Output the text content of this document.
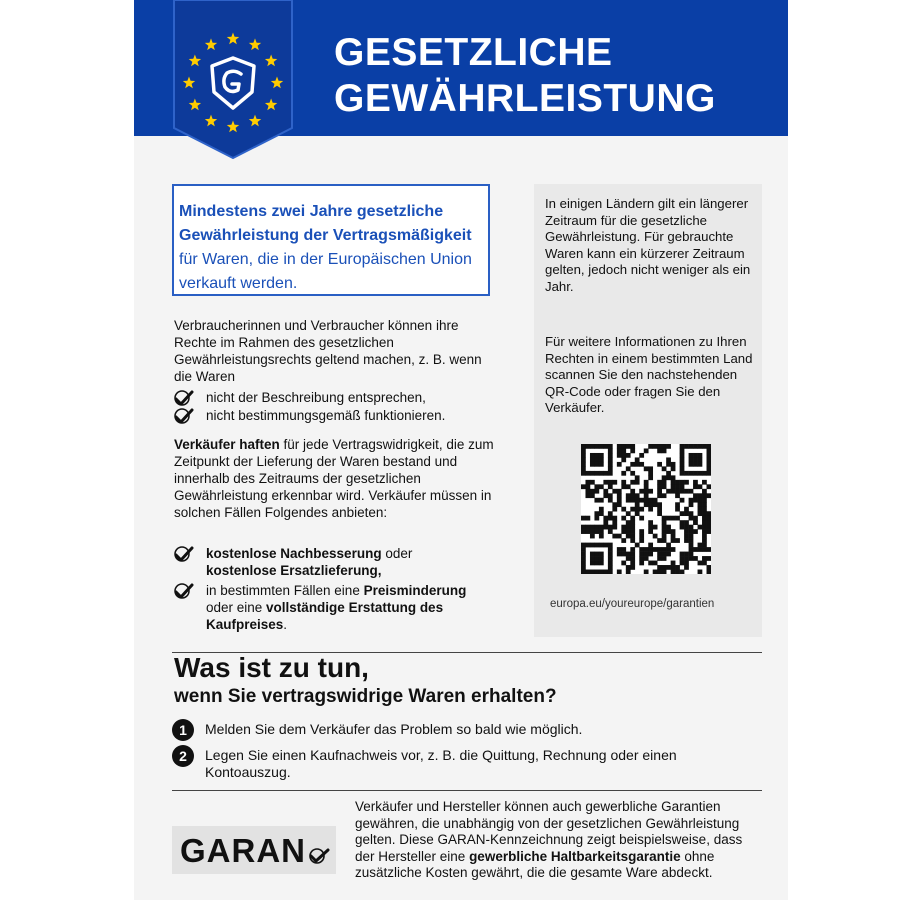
GESETZLICHE
GEWÄHRLEISTUNG

Mindestens zwei Jahre gesetzliche Gewährleistung der Vertragsmäßigkeit für Waren, die in der Europäischen Union verkauft werden.

Verbraucherinnen und Verbraucher können ihre Rechte im Rahmen des gesetzlichen Gewährleistungsrechts geltend machen, z. B. wenn die Waren

nicht der Beschreibung entsprechen,
nicht bestimmungsgemäß funktionieren.

Verkäufer haften für jede Vertragswidrigkeit, die zum Zeitpunkt der Lieferung der Waren bestand und innerhalb des Zeitraums der gesetzlichen Gewährleistung erkennbar wird. Verkäufer müssen in solchen Fällen Folgendes anbieten:

kostenlose Nachbesserung oder
kostenlose Ersatzlieferung,
in bestimmten Fällen eine Preisminderung
oder eine vollständige Erstattung des
Kaufpreises.
In einigen Ländern gilt ein längerer Zeitraum für die gesetzliche Gewährleistung. Für gebrauchte Waren kann ein kürzerer Zeitraum gelten, jedoch nicht weniger als ein Jahr.
Für weitere Informationen zu Ihren Rechten in einem bestimmten Land scannen Sie den nachstehenden QR-Code oder fragen Sie den Verkäufer.
europa.eu/youreurope/garantien
Was ist zu tun,
wenn Sie vertragswidrige Waren erhalten?
1	Melden Sie dem Verkäufer das Problem so bald wie möglich.
2	Legen Sie einen Kaufnachweis vor, z. B. die Quittung, Rechnung oder einen Kontoauszug.
GARAN

Verkäufer und Hersteller können auch gewerbliche Garantien gewähren, die unabhängig von der gesetzlichen Gewährleistung gelten. Diese GARAN-Kennzeichnung zeigt beispielsweise, dass der Hersteller eine gewerbliche Haltbarkeitsgarantie ohne zusätzliche Kosten gewährt, die die gesamte Ware abdeckt.
